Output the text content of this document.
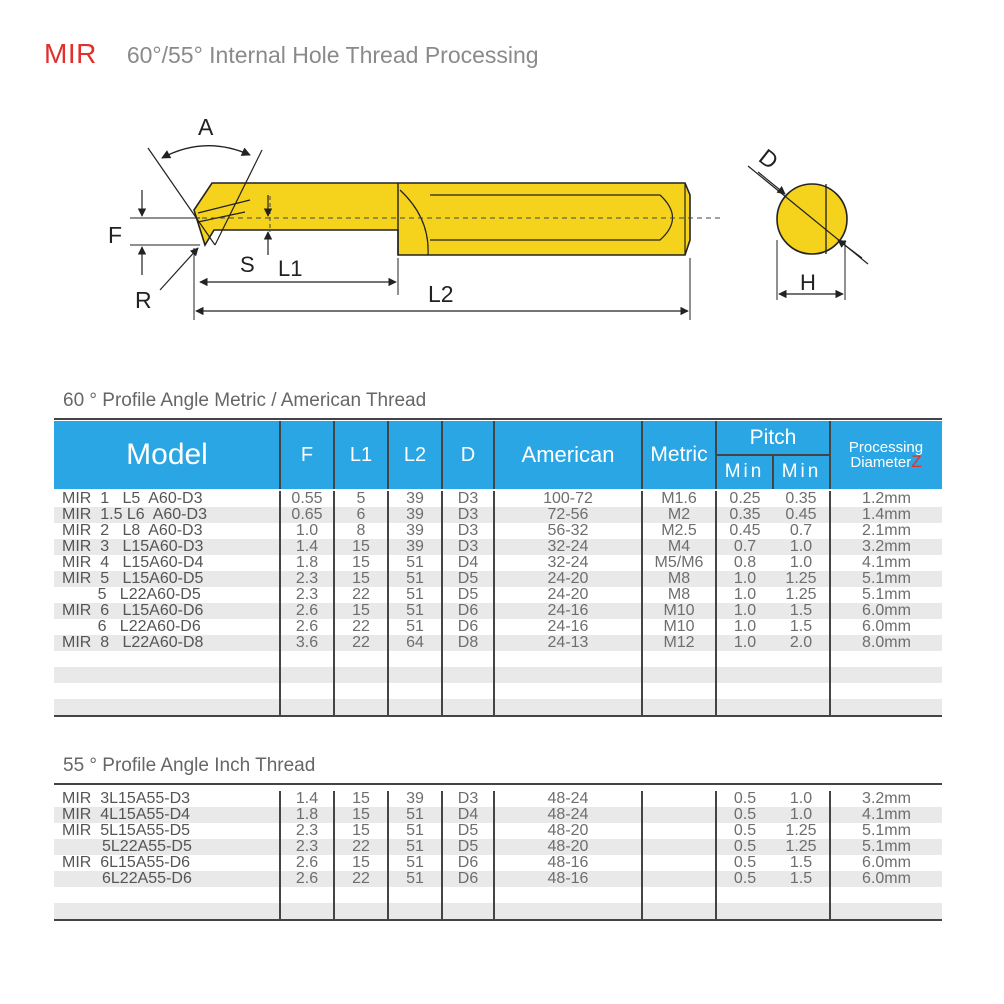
MIR 60°/55° Internal Hole Thread Processing
A
F
R
S L1
L2
D
H
60 ° Profile Angle Metric / American Thread
Model	F	L1	L2	D	American	Metric
Pitch
Min Min
Processing
DiameterZ
MIR  1   L5  A60-D3	0.55	5	39	D3	100-72	M1.6	0.25	0.35	1.2mm
MIR  1.5 L6  A60-D3	0.65	6	39	D3	72-56	M2	0.35	0.45	1.4mm
MIR  2   L8  A60-D3	1.0	8	39	D3	56-32	M2.5	0.45	0.7	2.1mm
MIR  3   L15A60-D3	1.4	15	39	D3	32-24	M4	0.7	1.0	3.2mm
MIR  4   L15A60-D4	1.8	15	51	D4	32-24	M5/M6	0.8	1.0	4.1mm
MIR  5   L15A60-D5	2.3	15	51	D5	24-20	M8	1.0	1.25	5.1mm
5   L22A60-D5	2.3	22	51	D5	24-20	M8	1.0	1.25	5.1mm
MIR  6   L15A60-D6	2.6	15	51	D6	24-16	M10	1.0	1.5	6.0mm
6   L22A60-D6	2.6	22	51	D6	24-16	M10	1.0	1.5	6.0mm
MIR  8   L22A60-D8	3.6	22	64	D8	24-13	M12	1.0	2.0	8.0mm

55 ° Profile Angle Inch Thread
MIR  3L15A55-D3	1.4	15	39	D3	48-24		0.5	1.0	3.2mm
MIR  4L15A55-D4	1.8	15	51	D4	48-24		0.5	1.0	4.1mm
MIR  5L15A55-D5	2.3	15	51	D5	48-20		0.5	1.25	5.1mm
5L22A55-D5	2.3	22	51	D5	48-20		0.5	1.25	5.1mm
MIR  6L15A55-D6	2.6	15	51	D6	48-16		0.5	1.5	6.0mm
6L22A55-D6	2.6	22	51	D6	48-16		0.5	1.5	6.0mm
